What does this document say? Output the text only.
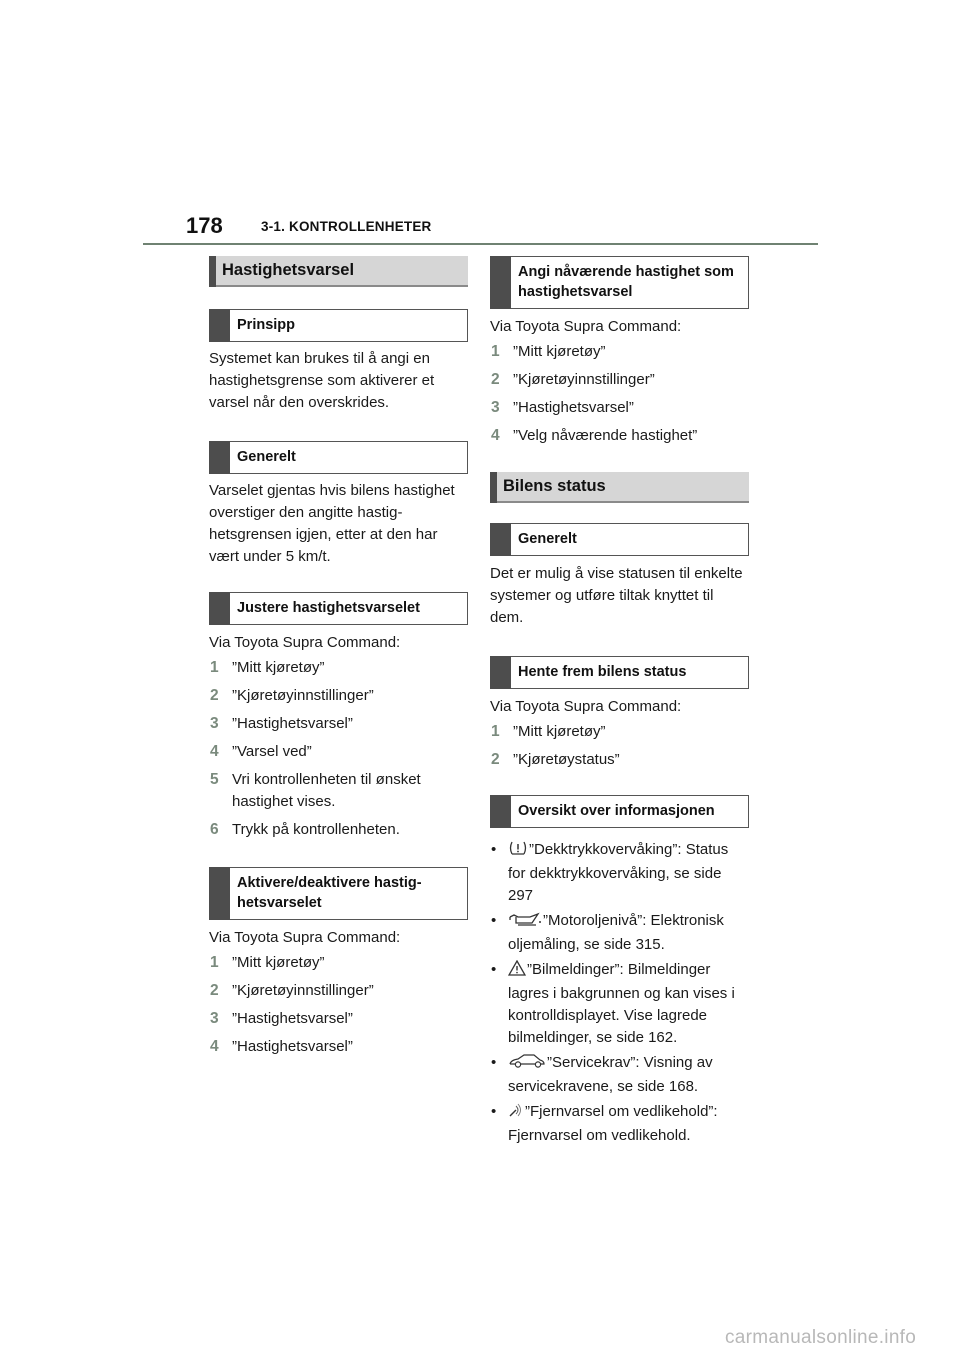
178	3-1. KONTROLLENHETER
Hastighetsvarsel
Prinsipp

Systemet kan brukes til å angi en hastighetsgrense som aktiverer et varsel når den overskrides.

Generelt

Varselet gjentas hvis bilens hastighet overstiger den angitte hastighetsgrensen igjen, etter at den har vært under 5 km/t.

Justere hastighetsvarselet

Via Toyota Supra Command:

1 ”Mitt kjøretøy”
2 ”Kjøretøyinnstillinger”
3 ”Hastighetsvarsel”
4 ”Varsel ved”
5 Vri kontrollenheten til ønsket hastighet vises.
6 Trykk på kontrollenheten.
Aktivere/deaktivere hastighetsvarselet

Via Toyota Supra Command:

1 ”Mitt kjøretøy”
2 ”Kjøretøyinnstillinger”
3 ”Hastighetsvarsel”
4 ”Hastighetsvarsel”
Angi nåværende hastighet som hastighetsvarsel

Via Toyota Supra Command:

1 ”Mitt kjøretøy”
2 ”Kjøretøyinnstillinger”
3 ”Hastighetsvarsel”
4 ”Velg nåværende hastighet”
Bilens status
Generelt

Det er mulig å vise statusen til enkelte systemer og utføre tiltak knyttet til dem.

Hente frem bilens status

Via Toyota Supra Command:

1 ”Mitt kjøretøy”
2 ”Kjøretøystatus”
Oversikt over informasjonen
• ”Dekktrykkovervåking”: Status for dekktrykkovervåking, se side 297
•	”Motoroljenivå”: Elektronisk oljemåling, se side 315.
• ”Bilmeldinger”: Bilmeldinger lagres i bakgrunnen og kan vises i kontrolldisplayet. Vise lagrede bilmeldinger, se side 162.
•	”Servicekrav”: Visning av servicekravene, se side 168.
• ”Fjernvarsel om vedlikehold”: Fjernvarsel om vedlikehold.
carmanualsonline.info
